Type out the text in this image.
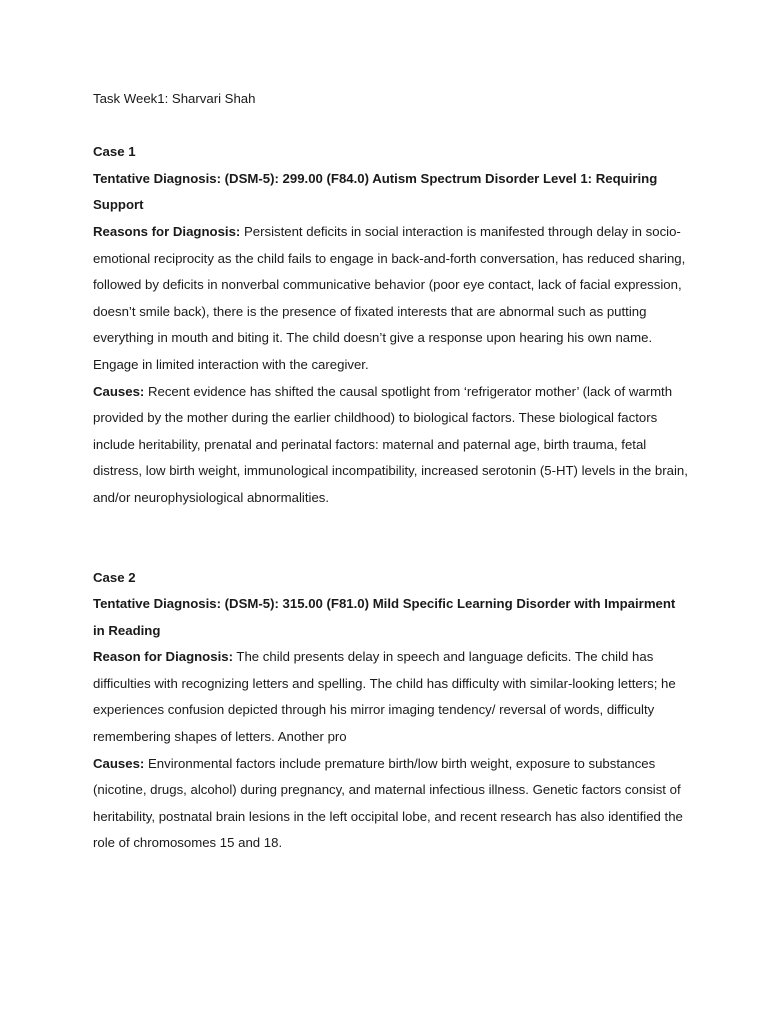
Task Week1: Sharvari Shah

Case 1

Tentative Diagnosis: (DSM-5): 299.00 (F84.0) Autism Spectrum Disorder Level 1: Requiring Support

Reasons for Diagnosis: Persistent deficits in social interaction is manifested through delay in socio-emotional reciprocity as the child fails to engage in back-and-forth conversation, has reduced sharing, followed by deficits in nonverbal communicative behavior (poor eye contact, lack of facial expression, doesn’t smile back), there is the presence of fixated interests that are abnormal such as putting everything in mouth and biting it. The child doesn’t give a response upon hearing his own name. Engage in limited interaction with the caregiver.

Causes: Recent evidence has shifted the causal spotlight from ‘refrigerator mother’ (lack of warmth provided by the mother during the earlier childhood) to biological factors. These biological factors include heritability, prenatal and perinatal factors: maternal and paternal age, birth trauma, fetal distress, low birth weight, immunological incompatibility, increased serotonin (5-HT) levels in the brain, and/or neurophysiological abnormalities.

Case 2

Tentative Diagnosis: (DSM-5): 315.00 (F81.0) Mild Specific Learning Disorder with Impairment in Reading

Reason for Diagnosis: The child presents delay in speech and language deficits. The child has difficulties with recognizing letters and spelling. The child has difficulty with similar-looking letters; he experiences confusion depicted through his mirror imaging tendency/ reversal of words, difficulty remembering shapes of letters. Another pro

Causes: Environmental factors include premature birth/low birth weight, exposure to substances (nicotine, drugs, alcohol) during pregnancy, and maternal infectious illness. Genetic factors consist of heritability, postnatal brain lesions in the left occipital lobe, and recent research has also identified the role of chromosomes 15 and 18.
